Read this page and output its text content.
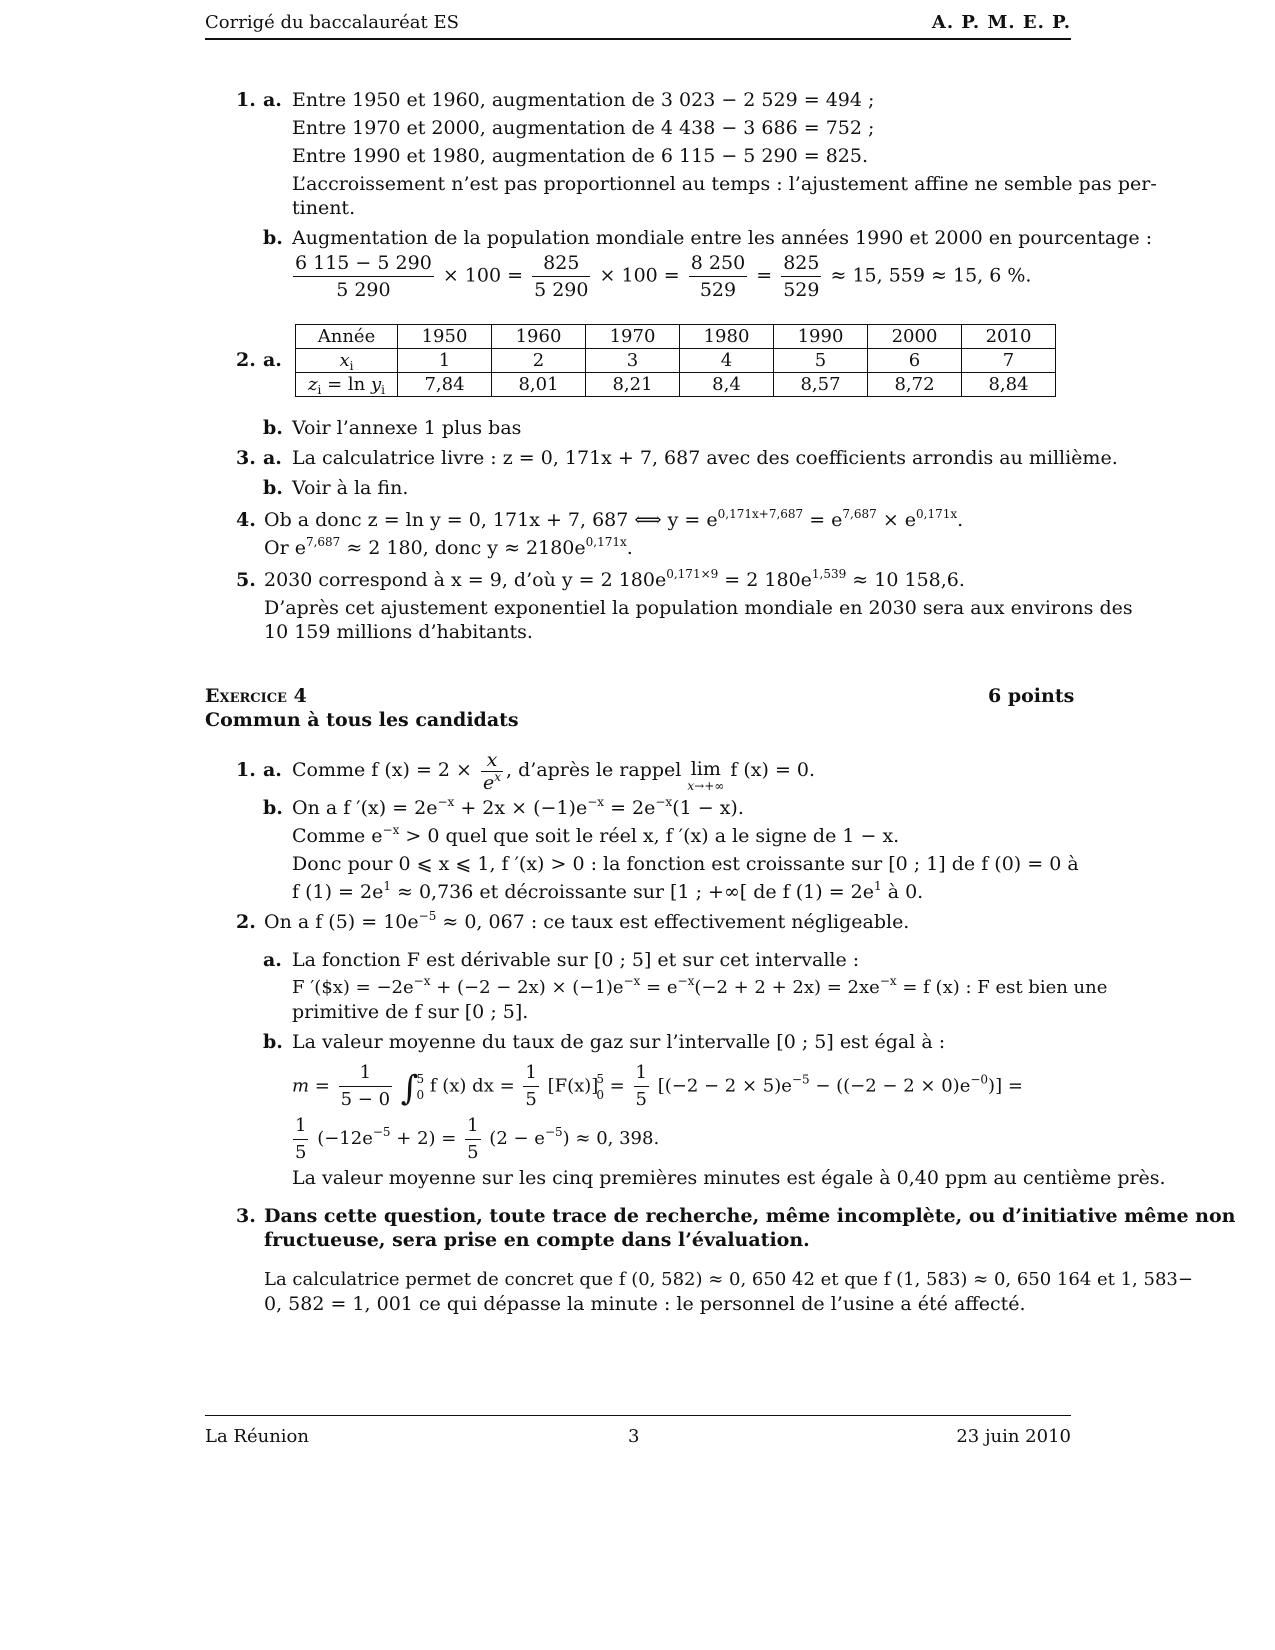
Corrigé du baccalauréat ES	A. P. M. E. P.
1. a. Entre 1950 et 1960, augmentation de 3 023 − 2 529 = 494 ;
Entre 1970 et 2000, augmentation de 4 438 − 3 686 = 752 ;
Entre 1990 et 1980, augmentation de 6 115 − 5 290 = 825.
L’accroissement n’est pas proportionnel au temps : l’ajustement affine ne semble pas per-
tinent.
b. Augmentation de la population mondiale entre les années 1990 et 2000 en pourcentage :
$\frac{6 115 - 5 290}{5 290} \times 100 = \frac{825}{5 290} \times 100 = \frac{8 250}{529} = \frac{825}{529} \approx 15$, 559 ≈ 15, 6 %.
2. a.
Année	1950	1960	1970	1980	1990	2000	2010
$x_i$	1	2	3	4	5	6	7
$z_i = \ln y_i$	7,84	8,01	8,21	8,4	8,57	8,72	8,84
b. Voir l’annexe 1 plus bas
3. a. La calculatrice livre : z = 0, 171x + 7, 687 avec des coefficients arrondis au millième.
b. Voir à la fin.
4. Ob a donc z = ln y = 0, 171x + 7, 687 ⟺ $y = e^{0,171x+7,687} = e^{7,687} \times e^{0,171x}$.
Or $e^{7,687} \approx 2$ 180, donc $y \approx 2180e^{0,171x}$.
5. 2030 correspond à x = 9, d’où y = 2 $180e^{0,171\times 9} = 2$ $180e^{1,539} \approx 10$ 158,6.
D’après cet ajustement exponentiel la population mondiale en 2030 sera aux environs des
10 159 millions d’habitants.
Exercice 4	6 points
Commun à tous les candidats
1. a. Comme f $(x) = 2 \times \frac{x}{e^x}$ , d’après le rappel lim
x→+∞
f (x) = 0.
b. On a f $'(x) = 2e^{-x} + 2x \times (-1)e^{-x} = 2e^{-x}(1 - x)$.
Comme $e^{-x} > 0$ quel que soit le réel x, f ′(x) a le signe de 1 − x.
Donc pour 0 ⩽ x ⩽ 1, f ′(x) > 0 : la fonction est croissante sur [0 ; 1] de f (0) = 0 à
f $(1) = 2e^1 \approx 0,736$ et décroissante sur [1 ; +∞[ de f $(1) = 2e^1$ à 0.
2. On a f $(5) = 10e^{-5} \approx 0$, 067 : ce taux est effectivement négligeable.
a. La fonction F est dérivable sur [0 ; 5] et sur cet intervalle :
F ′($x) = $-2e^{-x} + (-2 - 2x) \times (-1)e^{-x} = e^{-x}(-2 + 2 + 2x) = 2xe^{-x} = f$ (x) : F est bien une
primitive de f sur [0 ; 5].
b. La valeur moyenne du taux de gaz sur l’intervalle [0 ; 5] est égal à :
$m = \frac{1}{5 - 0}$ ∫
5
0 f (x) dx = $\frac{1}{5} [F(x)]$
5
$0 = \frac{1}{5} [(-2 - 2 \times 5)e^{-5} - ((-2 - 2 \times 0)e^{-0})]$ =
$\frac{1}{5} (-12e^{-5} + 2) = \frac{1}{5} (2 - e^{-5}) \approx 0$, 398.
La valeur moyenne sur les cinq premières minutes est égale à 0,40 ppm au centième près.
3. Dans cette question, toute trace de recherche, même incomplète, ou d’initiative même non
fructueuse, sera prise en compte dans l’évaluation.
La calculatrice permet de concret que f (0, 582) ≈ 0, 650 42 et que f (1, 583) ≈ 0, 650 164 et 1, 583−
0, 582 = 1, 001 ce qui dépasse la minute : le personnel de l’usine a été affecté.
La Réunion	3	23 juin 2010
